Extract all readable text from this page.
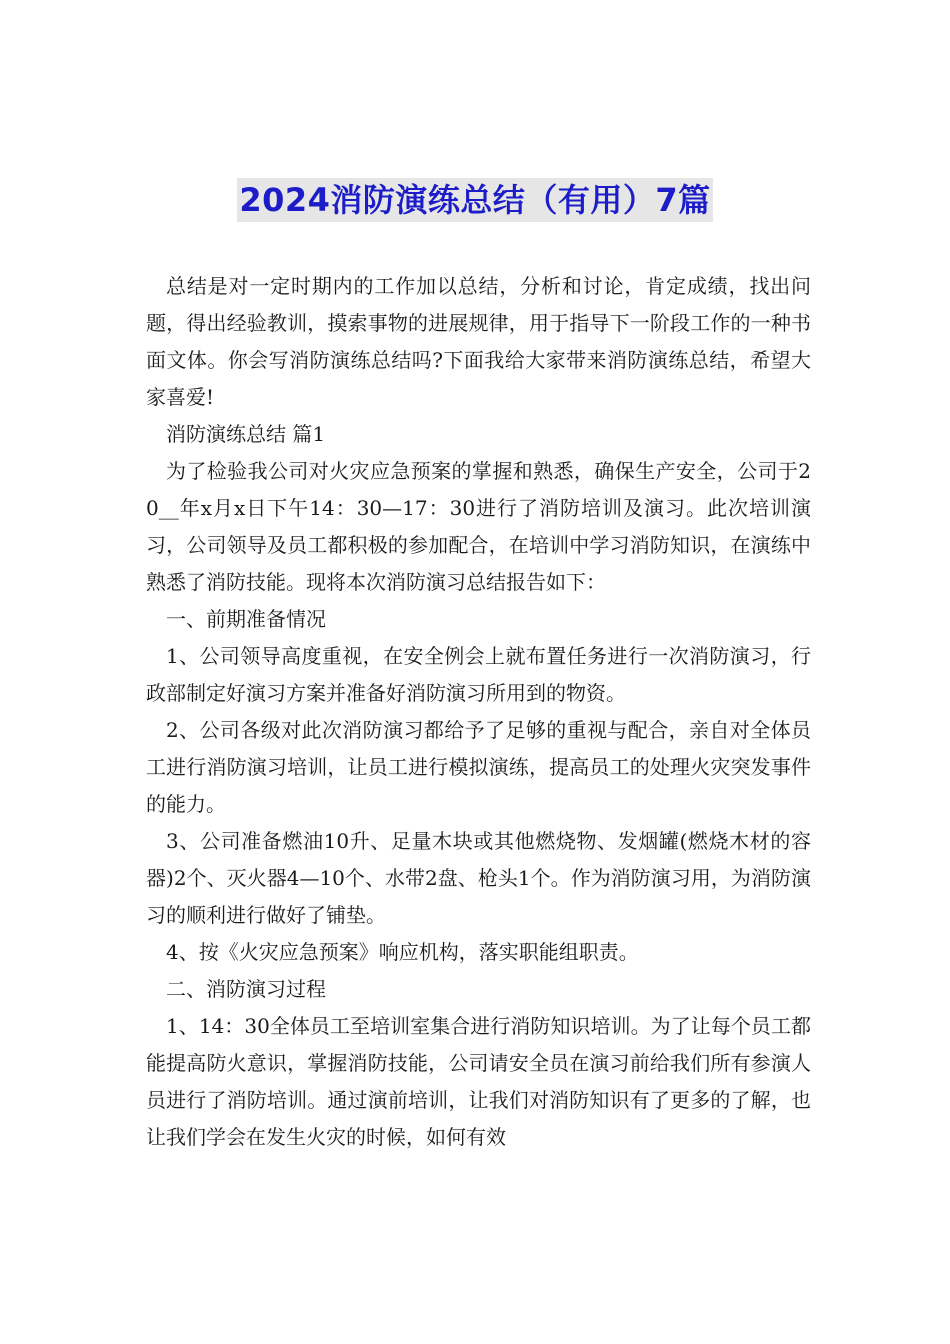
2024消防演练总结（有用）7篇

总结是对一定时期内的工作加以总结，分析和讨论，肯定成绩，找出问题，得出经验教训，摸索事物的进展规律，用于指导下一阶段工作的一种书面文体。你会写消防演练总结吗?下面我给大家带来消防演练总结，希望大家喜爱!

消防演练总结 篇1

为了检验我公司对火灾应急预案的掌握和熟悉，确保生产安全，公司于20__年x月x日下午14：30—17：30进行了消防培训及演习。此次培训演习，公司领导及员工都积极的参加配合，在培训中学习消防知识，在演练中熟悉了消防技能。现将本次消防演习总结报告如下：

一、前期准备情况

1、公司领导高度重视，在安全例会上就布置任务进行一次消防演习，行政部制定好演习方案并准备好消防演习所用到的物资。

2、公司各级对此次消防演习都给予了足够的重视与配合，亲自对全体员工进行消防演习培训，让员工进行模拟演练，提高员工的处理火灾突发事件的能力。

3、公司准备燃油10升、足量木块或其他燃烧物、发烟罐(燃烧木材的容器)2个、灭火器4—10个、水带2盘、枪头1个。作为消防演习用，为消防演习的顺利进行做好了铺垫。

4、按《火灾应急预案》响应机构，落实职能组职责。

二、消防演习过程

1、14：30全体员工至培训室集合进行消防知识培训。为了让每个员工都能提高防火意识，掌握消防技能，公司请安全员在演习前给我们所有参演人员进行了消防培训。通过演前培训，让我们对消防知识有了更多的了解，也让我们学会在发生火灾的时候，如何有效
